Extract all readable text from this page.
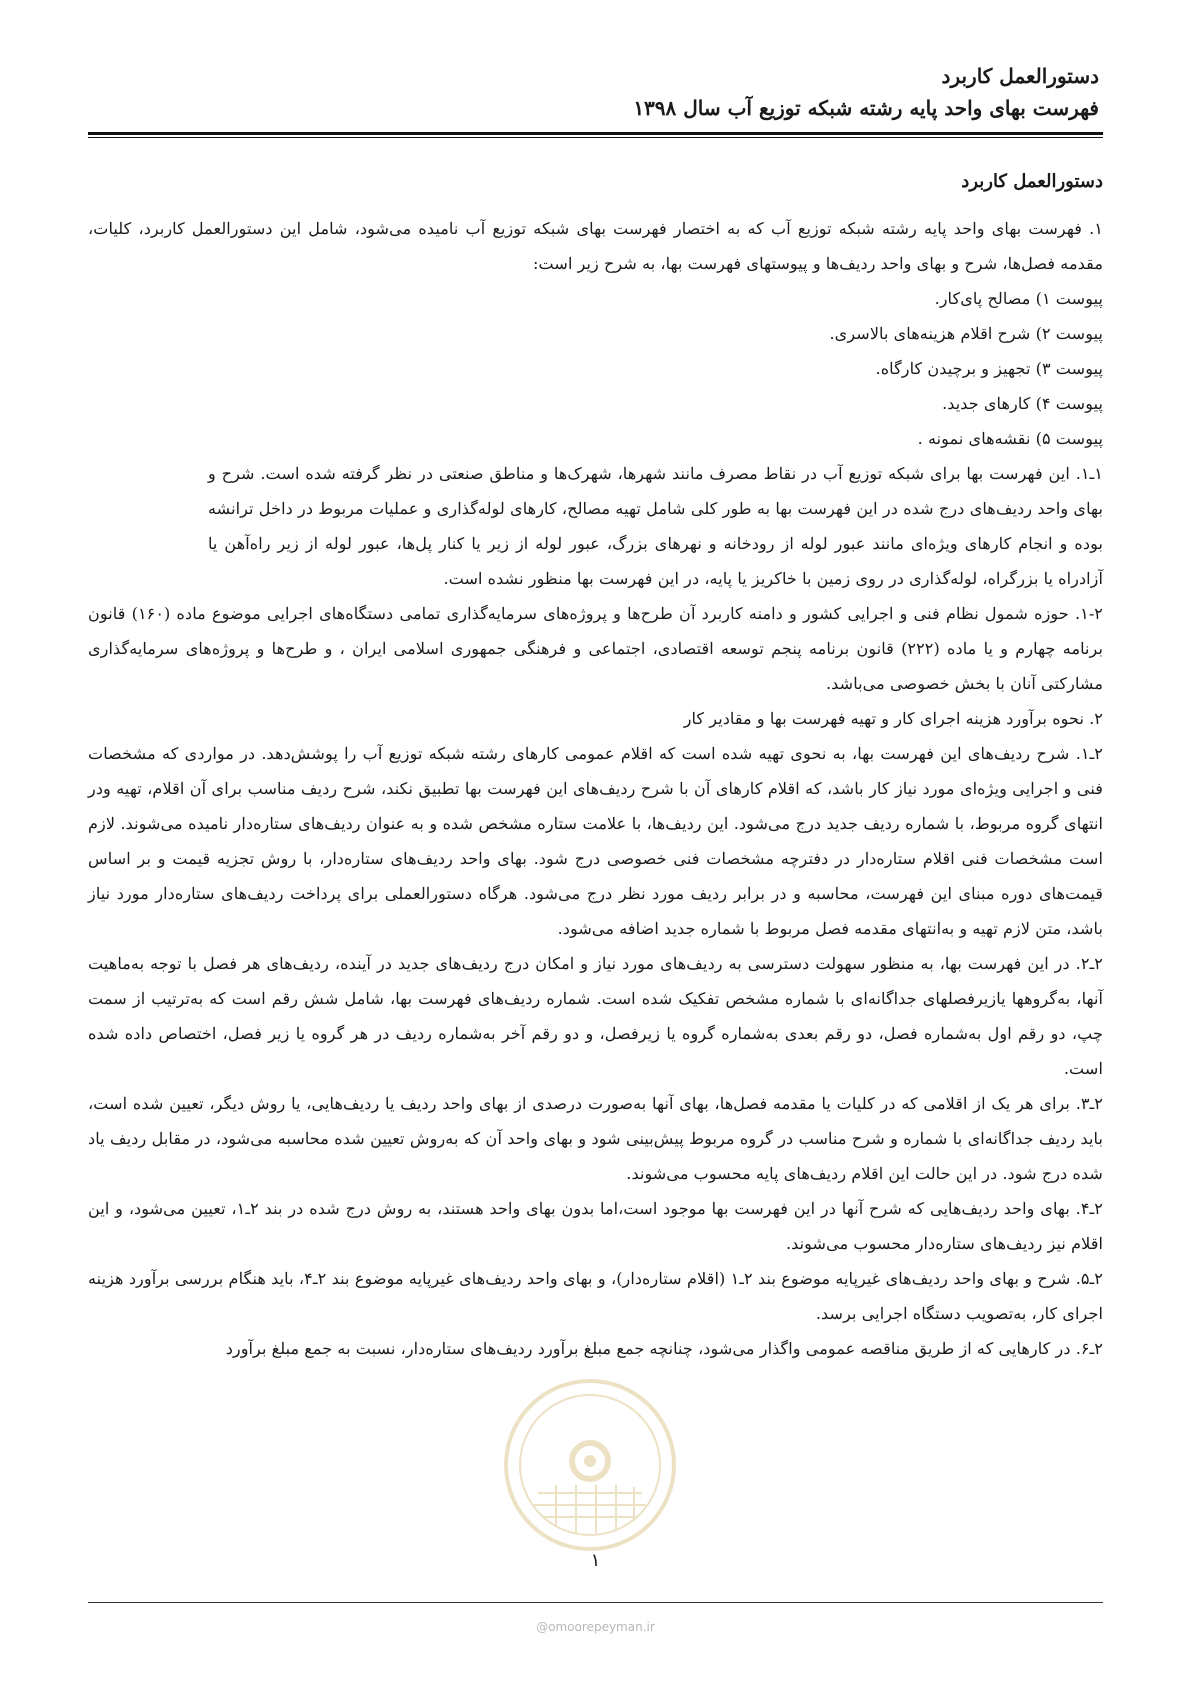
دستورالعمل کاربرد
فهرست بهای واحد پایه رشته شبکه توزیع آب سال ۱۳۹۸

دستورالعمل کاربرد

۱. فهرست بهای واحد پایه رشته شبکه توزیع آب که به اختصار فهرست بهای شبکه توزیع آب نامیده می‌شود، شامل این دستورالعمل کاربرد، کلیات، مقدمه فصل‌ها، شرح و بهای واحد ردیف‌ها و پیوستهای فهرست بها، به شرح زیر است:

پیوست ۱) مصالح پای‌کار.

پیوست ۲) شرح اقلام هزینه‌های بالاسری.

پیوست ۳) تجهیز و برچیدن کارگاه.

پیوست ۴) کارهای جدید.

پیوست ۵) نقشه‌های نمونه .

۱ـ۱. این فهرست بها برای شبکه توزیع آب در نقاط مصرف مانند شهرها، شهرک‌ها و مناطق صنعتی در نظر گرفته شده است. شرح و بهای واحد ردیف‌های درج شده در این فهرست بها به طور کلی شامل تهیه مصالح، کارهای لوله‌گذاری و عملیات مربوط در داخل ترانشه بوده و انجام کارهای ویژه‌ای مانند عبور لوله از رودخانه و نهرهای بزرگ، عبور لوله از زیر یا کنار پل‌ها، عبور لوله از زیر راه‌آهن یا آزادراه یا بزرگراه، لوله‌گذاری در روی زمین با خاکریز یا پایه، در این فهرست بها منظور نشده است.

۱-۲. حوزه شمول نظام فنی و اجرایی کشور و دامنه کاربرد آن طرح‌ها و پروژه‌های سرمایه‌گذاری تمامی دستگاه‌های اجرایی موضوع ماده (۱۶۰) قانون برنامه چهارم و یا ماده (۲۲۲) قانون برنامه پنجم توسعه اقتصادی، اجتماعی و فرهنگی جمهوری اسلامی ایران ، و طرح‌ها و پروژه‌های سرمایه‌گذاری مشارکتی آنان با بخش خصوصی می‌باشد.

۲. نحوه برآورد هزینه اجرای کار و تهیه فهرست بها و مقادیر کار

۲ـ۱. شرح ردیف‌های این فهرست بها، به نحوی تهیه شده است که اقلام عمومی کارهای رشته شبکه توزیع آب را پوشش‌دهد. در مواردی که مشخصات فنی و اجرایی ویژه‌ای مورد نیاز کار باشد، که اقلام کارهای آن با شرح ردیف‌های این فهرست بها تطبیق نکند، شرح ردیف مناسب برای آن اقلام، تهیه ودر انتهای گروه مربوط، با شماره ردیف جدید درج می‌شود. این ردیف‌ها، با علامت ستاره مشخص شده و به عنوان ردیف‌های ستاره‌دار نامیده می‌شوند. لازم است مشخصات فنی اقلام ستاره‌دار در دفترچه مشخصات فنی خصوصی درج شود. بهای واحد ردیف‌های ستاره‌دار، با روش تجزیه قیمت و بر اساس قیمت‌های دوره مبنای این فهرست، محاسبه و در برابر ردیف مورد نظر درج می‌شود. هرگاه دستورالعملی برای پرداخت ردیف‌های ستاره‌دار مورد نیاز باشد، متن لازم تهیه و به‌انتهای مقدمه فصل مربوط با شماره جدید اضافه می‌شود.

۲ـ۲. در این فهرست بها، به منظور سهولت دسترسی به ردیف‌های مورد نیاز و امکان درج ردیف‌های جدید در آینده، ردیف‌های هر فصل با توجه به‌ماهیت آنها، به‌گروهها یازیرفصلهای جداگانه‌ای با شماره مشخص تفکیک شده است. شماره ردیف‌های فهرست بها، شامل شش رقم است که به‌ترتیب از سمت چپ، دو رقم اول به‌شماره فصل، دو رقم بعدی به‌شماره گروه یا زیرفصل، و دو رقم آخر به‌شماره ردیف در هر گروه یا زیر فصل، اختصاص داده شده است.

۲ـ۳. برای هر یک از اقلامی که در کلیات یا مقدمه فصل‌ها، بهای آنها به‌صورت درصدی از بهای واحد ردیف یا ردیف‌هایی، یا روش دیگر، تعیین شده است، باید ردیف جداگانه‌ای با شماره و شرح مناسب در گروه مربوط پیش‌بینی شود و بهای واحد آن که به‌روش تعیین شده محاسبه می‌شود، در مقابل ردیف یاد شده درج شود. در این حالت این اقلام ردیف‌های پایه محسوب می‌شوند.

۲ـ۴. بهای واحد ردیف‌هایی که شرح آنها در این فهرست بها موجود است،اما بدون بهای واحد هستند، به روش درج شده در بند ۲ـ۱، تعیین می‌شود، و این اقلام نیز ردیف‌های ستاره‌دار محسوب می‌شوند.

۲ـ۵. شرح و بهای واحد ردیف‌های غیرپایه موضوع بند ۲ـ۱ (اقلام ستاره‌دار)، و بهای واحد ردیف‌های غیرپایه موضوع بند ۲ـ۴، باید هنگام بررسی برآورد هزینه اجرای کار، به‌تصویب دستگاه اجرایی برسد.

۲ـ۶. در کارهایی که از طریق مناقصه عمومی واگذار می‌شود، چنانچه جمع مبلغ برآورد ردیف‌های ستاره‌دار، نسبت به جمع مبلغ برآورد

۱
@omoorepeyman.ir
